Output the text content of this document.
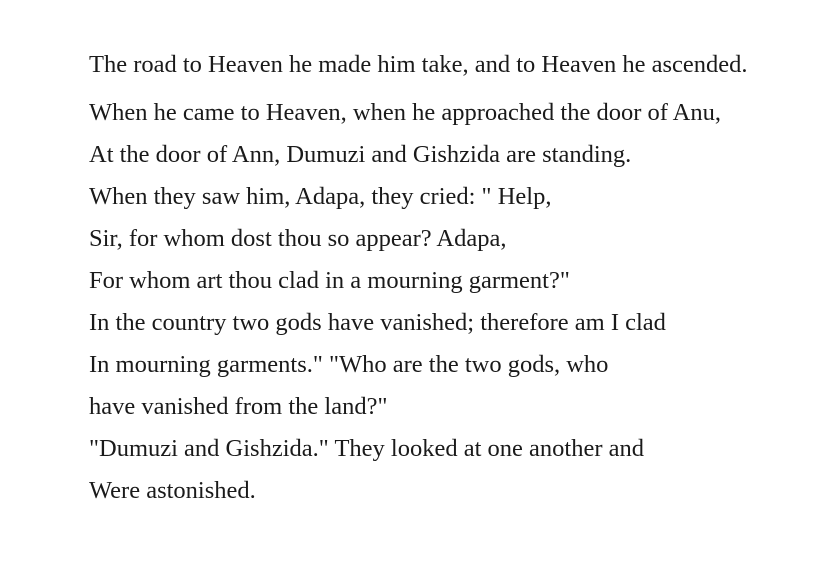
The road to Heaven he made him take, and to Heaven he ascended.

When he came to Heaven, when he approached the door of Anu,
At the door of Ann, Dumuzi and Gishzida are standing.
When they saw him, Adapa, they cried: " Help,
Sir, for whom dost thou so appear? Adapa,
For whom art thou clad in a mourning garment?"
In the country two gods have vanished; therefore am I clad
In mourning garments." "Who are the two gods, who
have vanished from the land?"
"Dumuzi and Gishzida." They looked at one another and
Were astonished.
